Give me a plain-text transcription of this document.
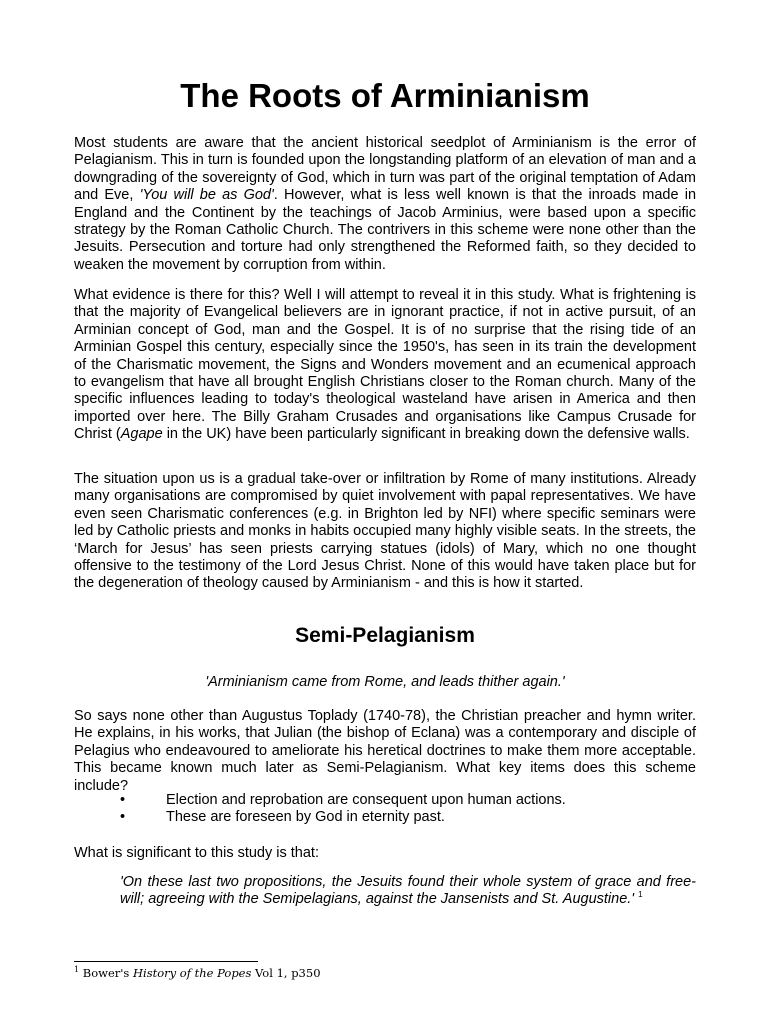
The Roots of Arminianism

Most students are aware that the ancient historical seedplot of Arminianism is the error of Pelagianism. This in turn is founded upon the longstanding platform of an elevation of man and a downgrading of the sovereignty of God, which in turn was part of the original temptation of Adam and Eve, 'You will be as God'. However, what is less well known is that the inroads made in England and the Continent by the teachings of Jacob Arminius, were based upon a specific strategy by the Roman Catholic Church. The contrivers in this scheme were none other than the Jesuits. Persecution and torture had only strengthened the Reformed faith, so they decided to weaken the movement by corruption from within.

What evidence is there for this? Well I will attempt to reveal it in this study. What is frightening is that the majority of Evangelical believers are in ignorant practice, if not in active pursuit, of an Arminian concept of God, man and the Gospel. It is of no surprise that the rising tide of an Arminian Gospel this century, especially since the 1950's, has seen in its train the development of the Charismatic movement, the Signs and Wonders movement and an ecumenical approach to evangelism that have all brought English Christians closer to the Roman church. Many of the specific influences leading to today's theological wasteland have arisen in America and then imported over here. The Billy Graham Crusades and organisations like Campus Crusade for Christ (Agape in the UK) have been particularly significant in breaking down the defensive walls.

The situation upon us is a gradual take-over or infiltration by Rome of many institutions. Already many organisations are compromised by quiet involvement with papal representatives. We have even seen Charismatic conferences (e.g. in Brighton led by NFI) where specific seminars were led by Catholic priests and monks in habits occupied many highly visible seats. In the streets, the ‘March for Jesus’ has seen priests carrying statues (idols) of Mary, which no one thought offensive to the testimony of the Lord Jesus Christ. None of this would have taken place but for the degeneration of theology caused by Arminianism - and this is how it started.

Semi-Pelagianism

'Arminianism came from Rome, and leads thither again.'

So says none other than Augustus Toplady (1740-78), the Christian preacher and hymn writer. He explains, in his works, that Julian (the bishop of Eclana) was a contemporary and disciple of Pelagius who endeavoured to ameliorate his heretical doctrines to make them more acceptable. This became known much later as Semi-Pelagianism. What key items does this scheme include?

•	Election and reprobation are consequent upon human actions.
•	These are foreseen by God in eternity past.

What is significant to this study is that:

'On these last two propositions, the Jesuits found their whole system of grace and free-will; agreeing with the Semipelagians, against the Jansenists and St. Augustine.' $^1$

$^1$ Bower's History of the Popes Vol 1, p350
